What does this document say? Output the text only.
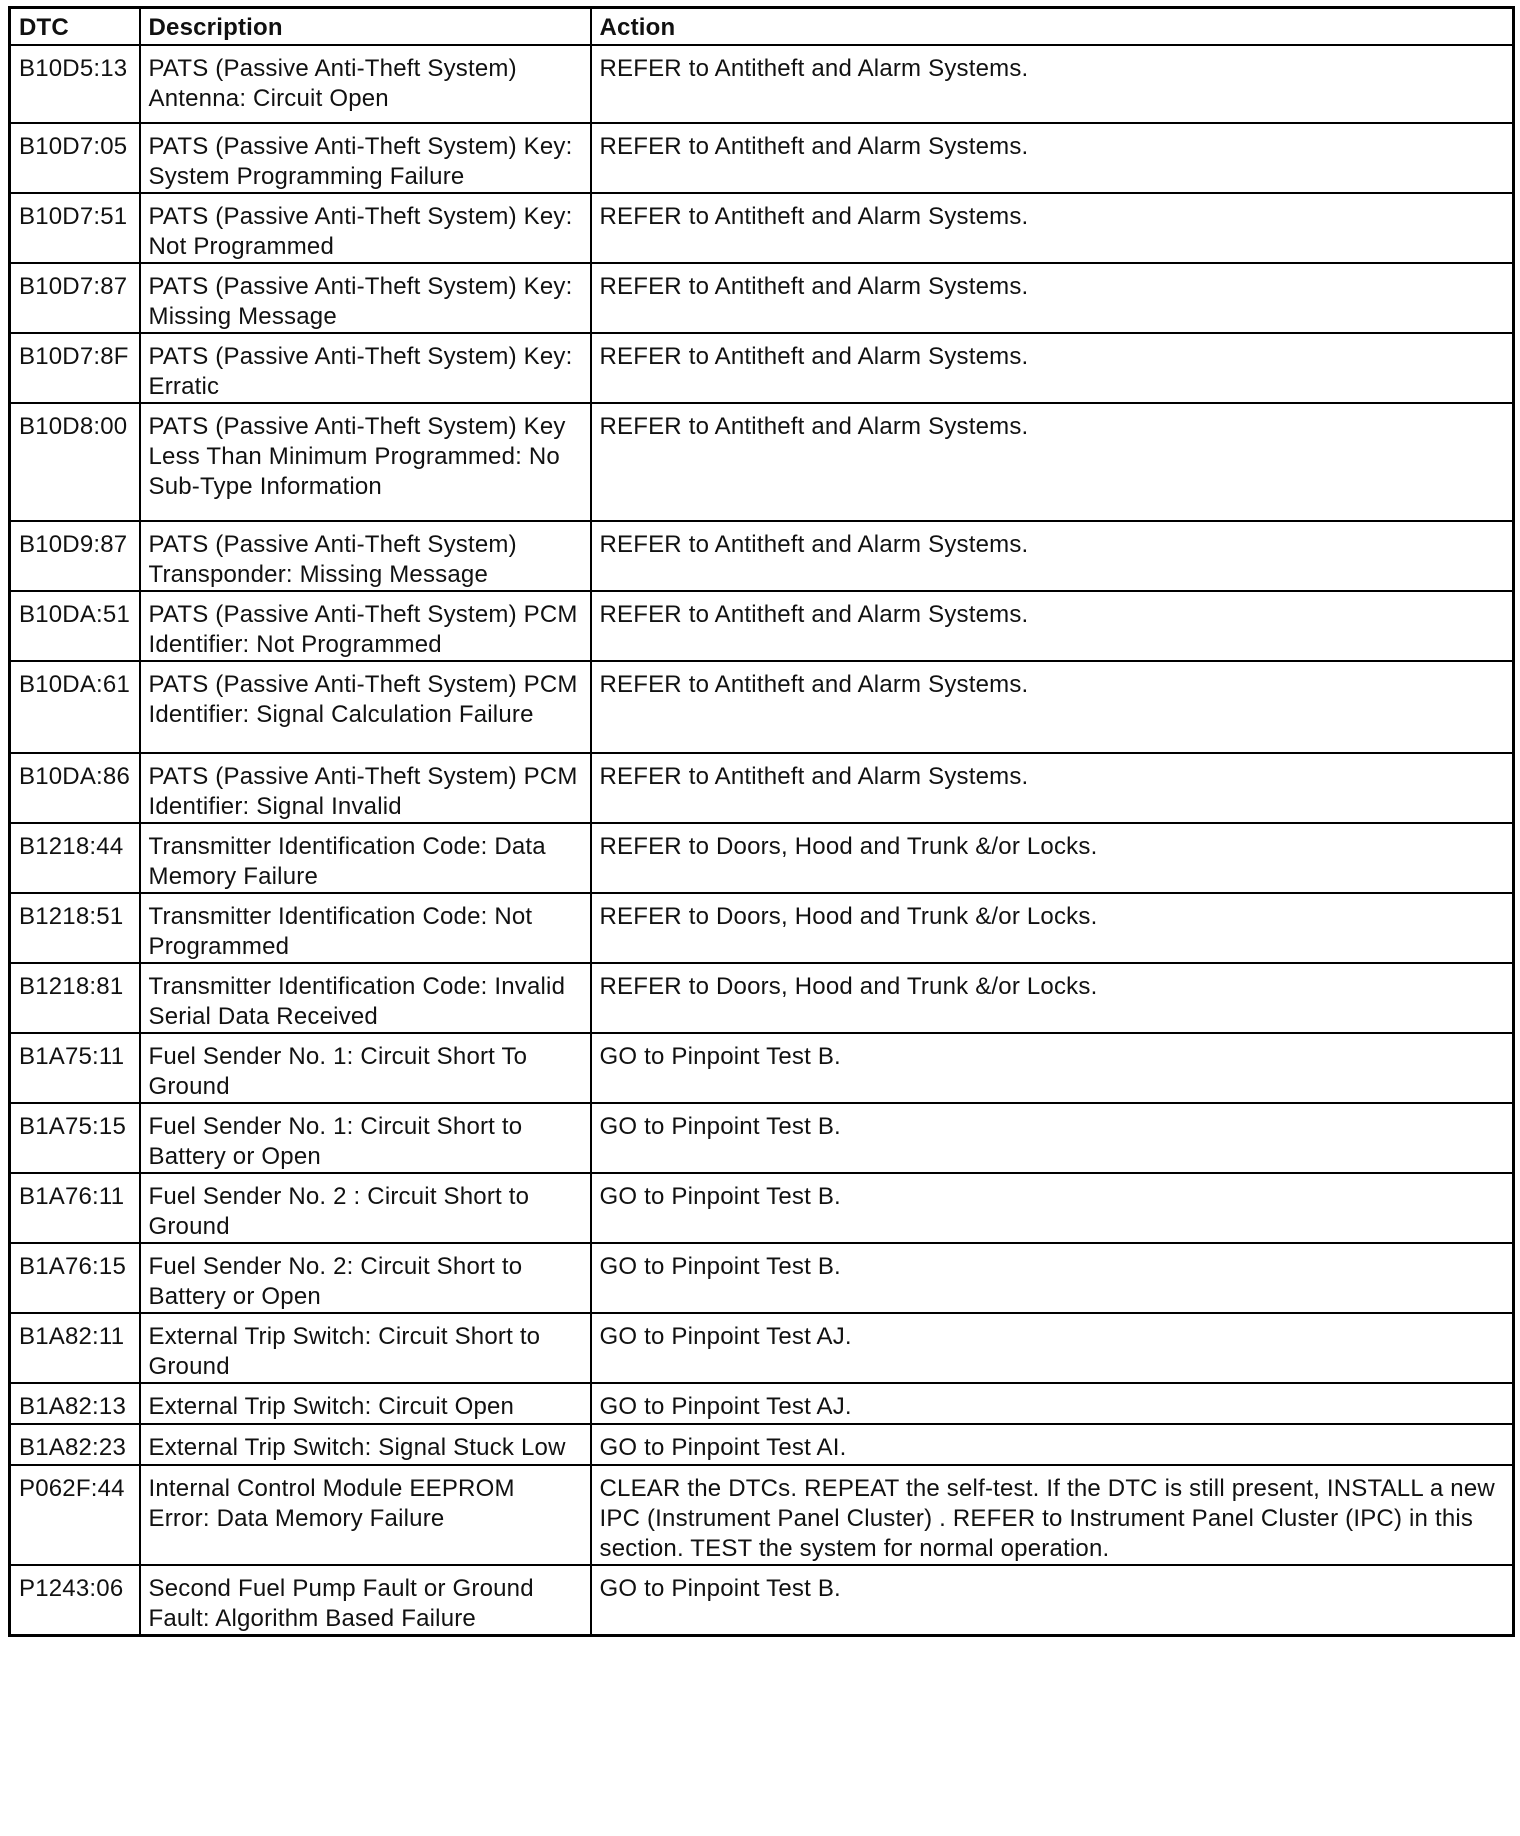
DTC	Description	Action
B10D5:13	PATS (Passive Anti-Theft System) Antenna: Circuit Open	REFER to Antitheft and Alarm Systems.
B10D7:05	PATS (Passive Anti-Theft System) Key: System Programming Failure	REFER to Antitheft and Alarm Systems.
B10D7:51	PATS (Passive Anti-Theft System) Key: Not Programmed	REFER to Antitheft and Alarm Systems.
B10D7:87	PATS (Passive Anti-Theft System) Key: Missing Message	REFER to Antitheft and Alarm Systems.
B10D7:8F	PATS (Passive Anti-Theft System) Key: Erratic	REFER to Antitheft and Alarm Systems.
B10D8:00	PATS (Passive Anti-Theft System) Key Less Than Minimum Programmed: No Sub-Type Information	REFER to Antitheft and Alarm Systems.
B10D9:87	PATS (Passive Anti-Theft System) Transponder: Missing Message	REFER to Antitheft and Alarm Systems.
B10DA:51	PATS (Passive Anti-Theft System) PCM Identifier: Not Programmed	REFER to Antitheft and Alarm Systems.
B10DA:61	PATS (Passive Anti-Theft System) PCM Identifier: Signal Calculation Failure	REFER to Antitheft and Alarm Systems.
B10DA:86	PATS (Passive Anti-Theft System) PCM Identifier: Signal Invalid	REFER to Antitheft and Alarm Systems.
B1218:44	Transmitter Identification Code: Data Memory Failure	REFER to Doors, Hood and Trunk &/or Locks.
B1218:51	Transmitter Identification Code: Not Programmed	REFER to Doors, Hood and Trunk &/or Locks.
B1218:81	Transmitter Identification Code: Invalid Serial Data Received	REFER to Doors, Hood and Trunk &/or Locks.
B1A75:11	Fuel Sender No. 1: Circuit Short To Ground	GO to Pinpoint Test B.
B1A75:15	Fuel Sender No. 1: Circuit Short to Battery or Open	GO to Pinpoint Test B.
B1A76:11	Fuel Sender No. 2 : Circuit Short to Ground	GO to Pinpoint Test B.
B1A76:15	Fuel Sender No. 2: Circuit Short to Battery or Open	GO to Pinpoint Test B.
B1A82:11	External Trip Switch: Circuit Short to Ground	GO to Pinpoint Test AJ.
B1A82:13	External Trip Switch: Circuit Open	GO to Pinpoint Test AJ.
B1A82:23	External Trip Switch: Signal Stuck Low	GO to Pinpoint Test AI.
P062F:44	Internal Control Module EEPROM Error: Data Memory Failure	CLEAR the DTCs. REPEAT the self-test. If the DTC is still present, INSTALL a new IPC (Instrument Panel Cluster) . REFER to Instrument Panel Cluster (IPC) in this section. TEST the system for normal operation.
P1243:06	Second Fuel Pump Fault or Ground Fault: Algorithm Based Failure	GO to Pinpoint Test B.
